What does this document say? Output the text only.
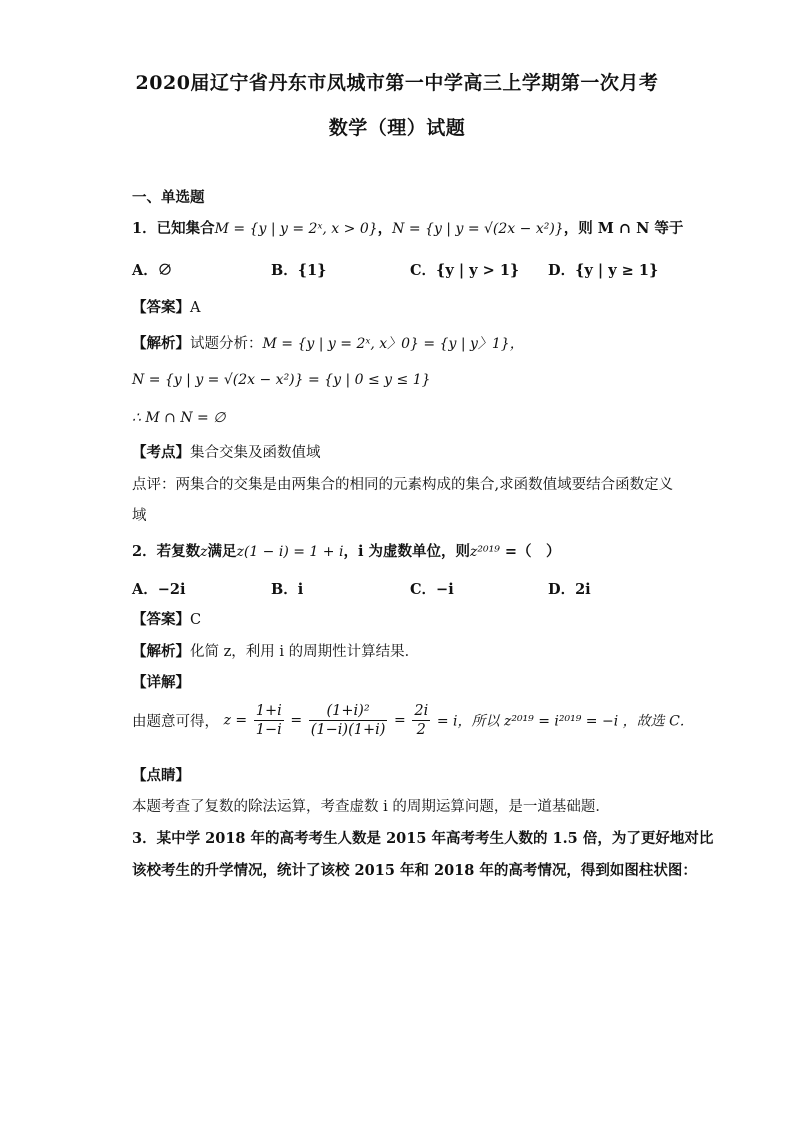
2020届辽宁省丹东市凤城市第一中学高三上学期第一次月考
数学（理）试题
一、单选题
1．已知集合M = {y | y = 2ˣ, x > 0}，N = {y | y = √(2x − x²)}，则 M ∩ N 等于
A．∅	B．{1}	C．{y | y > 1} D．{y | y ≥ 1}
【答案】A
【解析】试题分析：M = {y | y = 2ˣ, x〉0} = {y | y〉1}，
N = {y | y = √(2x − x²)} = {y | 0 ≤ y ≤ 1}
∴ M ∩ N = ∅
【考点】集合交集及函数值域
点评：两集合的交集是由两集合的相同的元素构成的集合,求函数值域要结合函数定义
域
2．若复数z满足z(1 − i) = 1 + i，i 为虚数单位，则z²⁰¹⁹ =（　）
A．−2i	B．i	C．−i	D．2i
【答案】C
【解析】化简 z，利用 i 的周期性计算结果．
【详解】
由题意可得， $z = \frac{1+i}{1-i} = \frac{\text{(1+i)²}}{(1-i)(1+i)} = \frac{2i}{2} = i$，所以 z²⁰¹⁹ = i²⁰¹⁹ = −i ，故选 C．
【点睛】
本题考查了复数的除法运算，考查虚数 i 的周期运算问题，是一道基础题．
3．某中学 2018 年的高考考生人数是 2015 年高考考生人数的 1.5 倍，为了更好地对比
该校考生的升学情况，统计了该校 2015 年和 2018 年的高考情况，得到如图柱状图：
